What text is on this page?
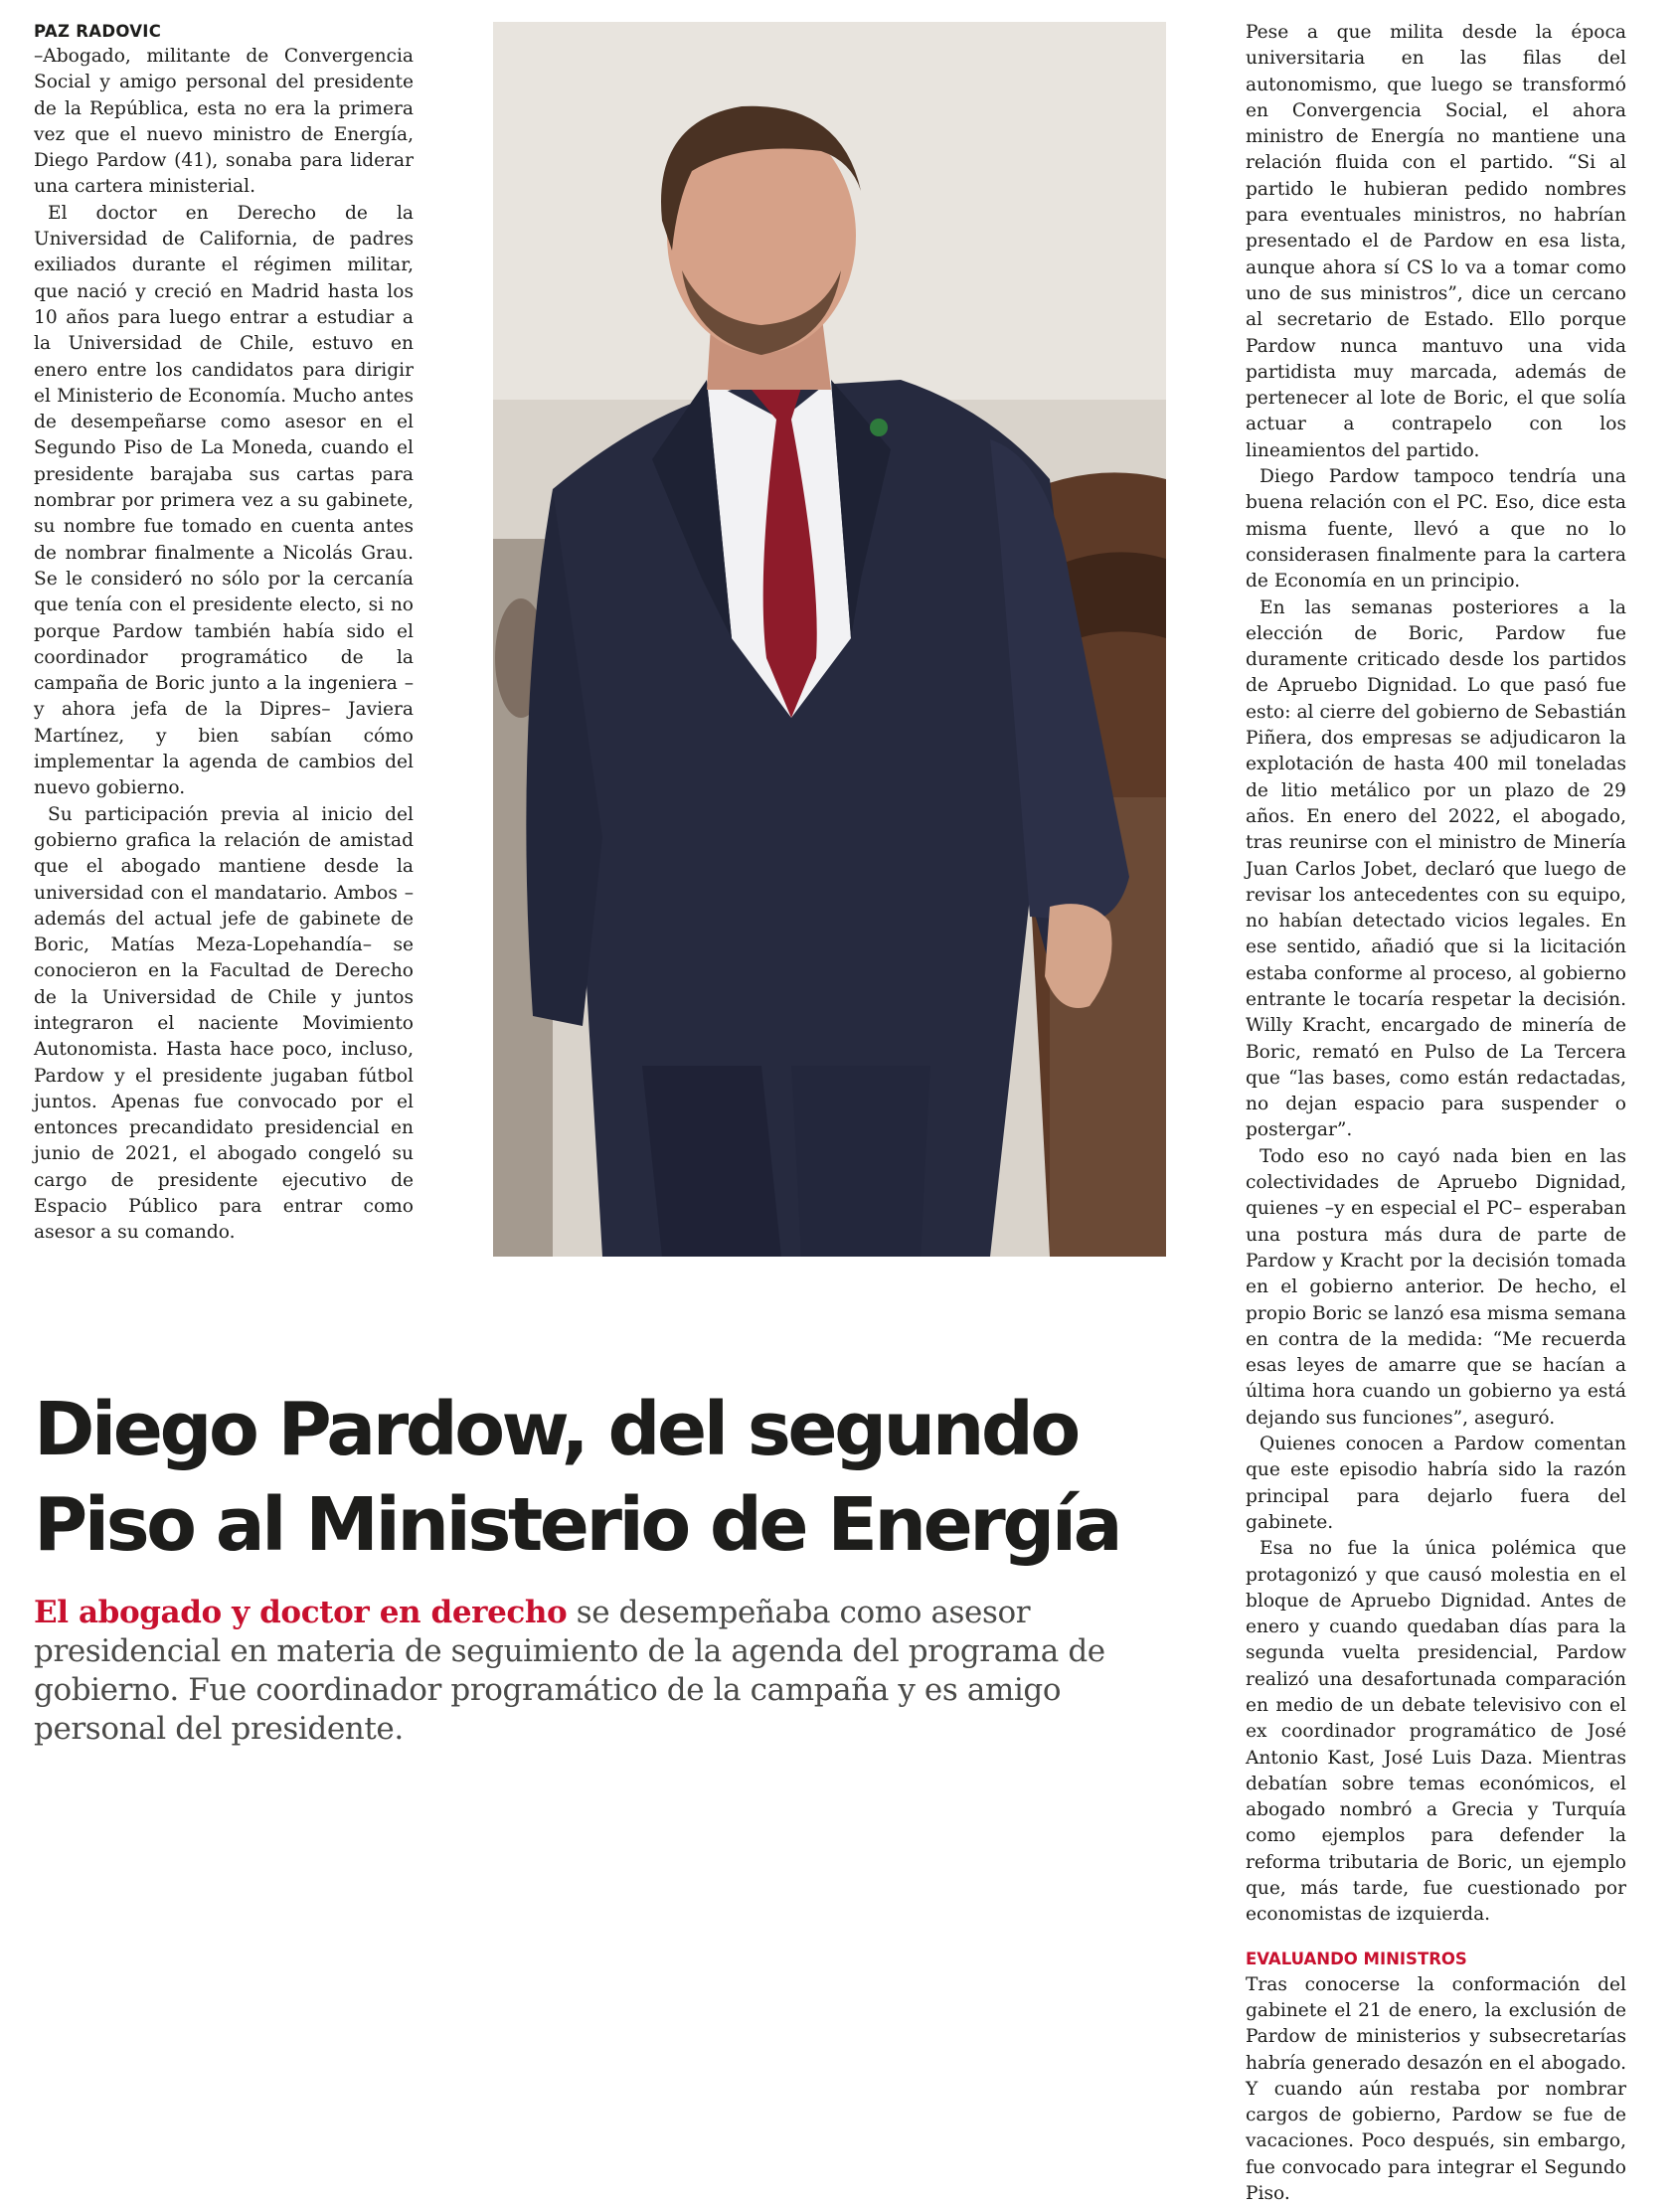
PAZ RADOVIC

–Abogado, militante de Convergencia Social y amigo personal del presidente de la República, esta no era la primera vez que el nuevo ministro de Energía, Diego Pardow (41), sonaba para liderar una cartera ministerial.

El doctor en Derecho de la Universidad de California, de padres exiliados durante el régimen militar, que nació y creció en Madrid hasta los 10 años para luego entrar a estudiar a la Universidad de Chile, estuvo en enero entre los candidatos para dirigir el Ministerio de Economía. Mucho antes de desempeñarse como asesor en el Segundo Piso de La Moneda, cuando el presidente barajaba sus cartas para nombrar por primera vez a su gabinete, su nombre fue tomado en cuenta antes de nombrar finalmente a Nicolás Grau. Se le consideró no sólo por la cercanía que tenía con el presidente electo, si no porque Pardow también había sido el coordinador programático de la campaña de Boric junto a la ingeniera –y ahora jefa de la Dipres– Javiera Martínez, y bien sabían cómo implementar la agenda de cambios del nuevo gobierno.

Su participación previa al inicio del gobierno grafica la relación de amistad que el abogado mantiene desde la universidad con el mandatario. Ambos –además del actual jefe de gabinete de Boric, Matías Meza-Lopehandía– se conocieron en la Facultad de Derecho de la Universidad de Chile y juntos integraron el naciente Movimiento Autonomista. Hasta hace poco, incluso, Pardow y el presidente jugaban fútbol juntos. Apenas fue convocado por el entonces precandidato presidencial en junio de 2021, el abogado congeló su cargo de presidente ejecutivo de Espacio Público para entrar como asesor a su comando.

Pese a que milita desde la época universitaria en las filas del autonomismo, que luego se transformó en Convergencia Social, el ahora ministro de Energía no mantiene una relación fluida con el partido. “Si al partido le hubieran pedido nombres para eventuales ministros, no habrían presentado el de Pardow en esa lista, aunque ahora sí CS lo va a tomar como uno de sus ministros”, dice un cercano al secretario de Estado. Ello porque Pardow nunca mantuvo una vida partidista muy marcada, además de pertenecer al lote de Boric, el que solía actuar a contrapelo con los lineamientos del partido.

Diego Pardow tampoco tendría una buena relación con el PC. Eso, dice esta misma fuente, llevó a que no lo considerasen finalmente para la cartera de Economía en un principio.

En las semanas posteriores a la elección de Boric, Pardow fue duramente criticado desde los partidos de Apruebo Dignidad. Lo que pasó fue esto: al cierre del gobierno de Sebastián Piñera, dos empresas se adjudicaron la explotación de hasta 400 mil toneladas de litio metálico por un plazo de 29 años. En enero del 2022, el abogado, tras reunirse con el ministro de Minería Juan Carlos Jobet, declaró que luego de revisar los antecedentes con su equipo, no habían detectado vicios legales. En ese sentido, añadió que si la licitación estaba conforme al proceso, al gobierno entrante le tocaría respetar la decisión. Willy Kracht, encargado de minería de Boric, remató en Pulso de La Tercera que “las bases, como están redactadas, no dejan espacio para suspender o postergar”.

Todo eso no cayó nada bien en las colectividades de Apruebo Dignidad, quienes –y en especial el PC– esperaban una postura más dura de parte de Pardow y Kracht por la decisión tomada en el gobierno anterior. De hecho, el propio Boric se lanzó esa misma semana en contra de la medida: “Me recuerda esas leyes de amarre que se hacían a última hora cuando un gobierno ya está dejando sus funciones”, aseguró.

Quienes conocen a Pardow comentan que este episodio habría sido la razón principal para dejarlo fuera del gabinete.

Esa no fue la única polémica que protagonizó y que causó molestia en el bloque de Apruebo Dignidad. Antes de enero y cuando quedaban días para la segunda vuelta presidencial, Pardow realizó una desafortunada comparación en medio de un debate televisivo con el ex coordinador programático de José Antonio Kast, José Luis Daza. Mientras debatían sobre temas económicos, el abogado nombró a Grecia y Turquía como ejemplos para defender la reforma tributaria de Boric, un ejemplo que, más tarde, fue cuestionado por economistas de izquierda.

EVALUANDO MINISTROS

Tras conocerse la conformación del gabinete el 21 de enero, la exclusión de Pardow de ministerios y subsecretarías habría generado desazón en el abogado. Y cuando aún restaba por nombrar cargos de gobierno, Pardow se fue de vacaciones. Poco después, sin embargo, fue convocado para integrar el Segundo Piso.

Diego Pardow, del segundo
Piso al Ministerio de Energía

El abogado y doctor en derecho se desempeñaba como asesor presidencial en materia de seguimiento de la agenda del programa de gobierno. Fue coordinador programático de la campaña y es amigo personal del presidente.
